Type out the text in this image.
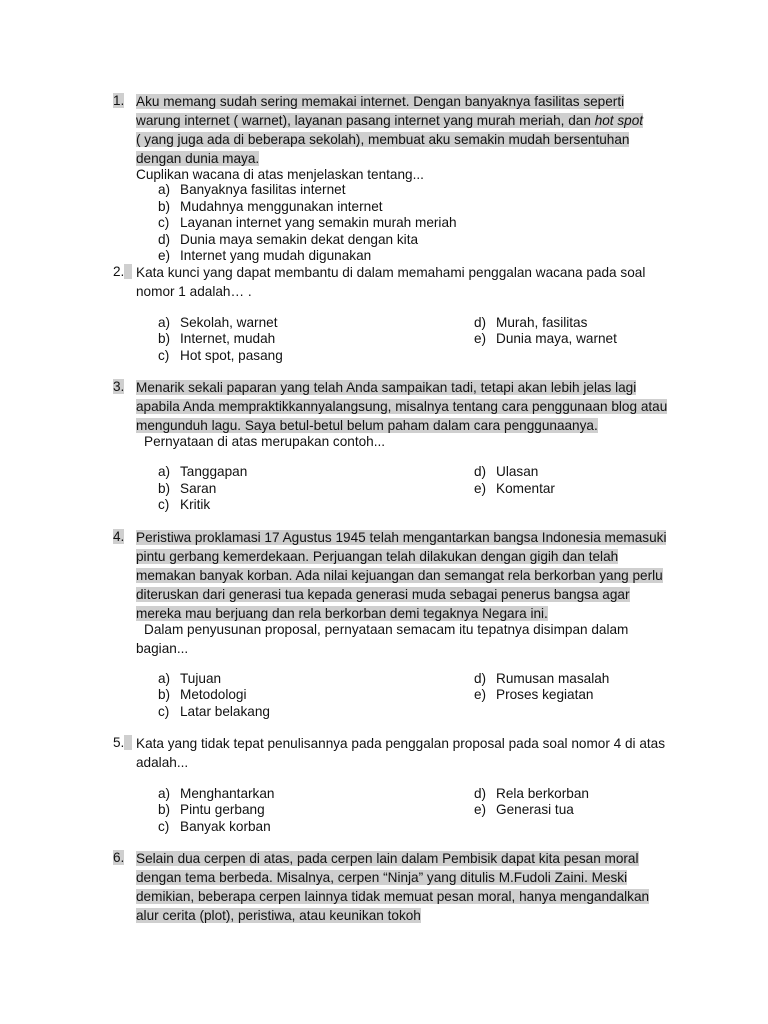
1. Aku memang sudah sering memakai internet. Dengan banyaknya fasilitas seperti
warung internet ( warnet), layanan pasang internet yang murah meriah, dan hot spot
( yang juga ada di beberapa sekolah), membuat aku semakin mudah bersentuhan
dengan dunia maya.
Cuplikan wacana di atas menjelaskan tentang...
a) Banyaknya fasilitas internet
b) Mudahnya menggunakan internet
c) Layanan internet yang semakin murah meriah
d) Dunia maya semakin dekat dengan kita
e) Internet yang mudah digunakan
2. Kata kunci yang dapat membantu di dalam memahami penggalan wacana pada soal
nomor 1 adalah… .
a) Sekolah, warnet
b) Internet, mudah
c) Hot spot, pasang
d) Murah, fasilitas
e) Dunia maya, warnet
3. Menarik sekali paparan yang telah Anda sampaikan tadi, tetapi akan lebih jelas lagi
apabila Anda mempraktikkannyalangsung, misalnya tentang cara penggunaan blog atau
mengunduh lagu. Saya betul-betul belum paham dalam cara penggunaanya.
Pernyataan di atas merupakan contoh...
a) Tanggapan
b) Saran
c) Kritik
d) Ulasan
e) Komentar
4. Peristiwa proklamasi 17 Agustus 1945 telah mengantarkan bangsa Indonesia memasuki
pintu gerbang kemerdekaan. Perjuangan telah dilakukan dengan gigih dan telah
memakan banyak korban. Ada nilai kejuangan dan semangat rela berkorban yang perlu
diteruskan dari generasi tua kepada generasi muda sebagai penerus bangsa agar
mereka mau berjuang dan rela berkorban demi tegaknya Negara ini.
Dalam penyusunan proposal, pernyataan semacam itu tepatnya disimpan dalam
bagian...
a) Tujuan
b) Metodologi
c) Latar belakang
d) Rumusan masalah
e) Proses kegiatan
5. Kata yang tidak tepat penulisannya pada penggalan proposal pada soal nomor 4 di atas
adalah...
a) Menghantarkan
b) Pintu gerbang
c) Banyak korban
d) Rela berkorban
e) Generasi tua
6. Selain dua cerpen di atas, pada cerpen lain dalam Pembisik dapat kita pesan moral
dengan tema berbeda. Misalnya, cerpen “Ninja” yang ditulis M.Fudoli Zaini. Meski
demikian, beberapa cerpen lainnya tidak memuat pesan moral, hanya mengandalkan
alur cerita (plot), peristiwa, atau keunikan tokoh
